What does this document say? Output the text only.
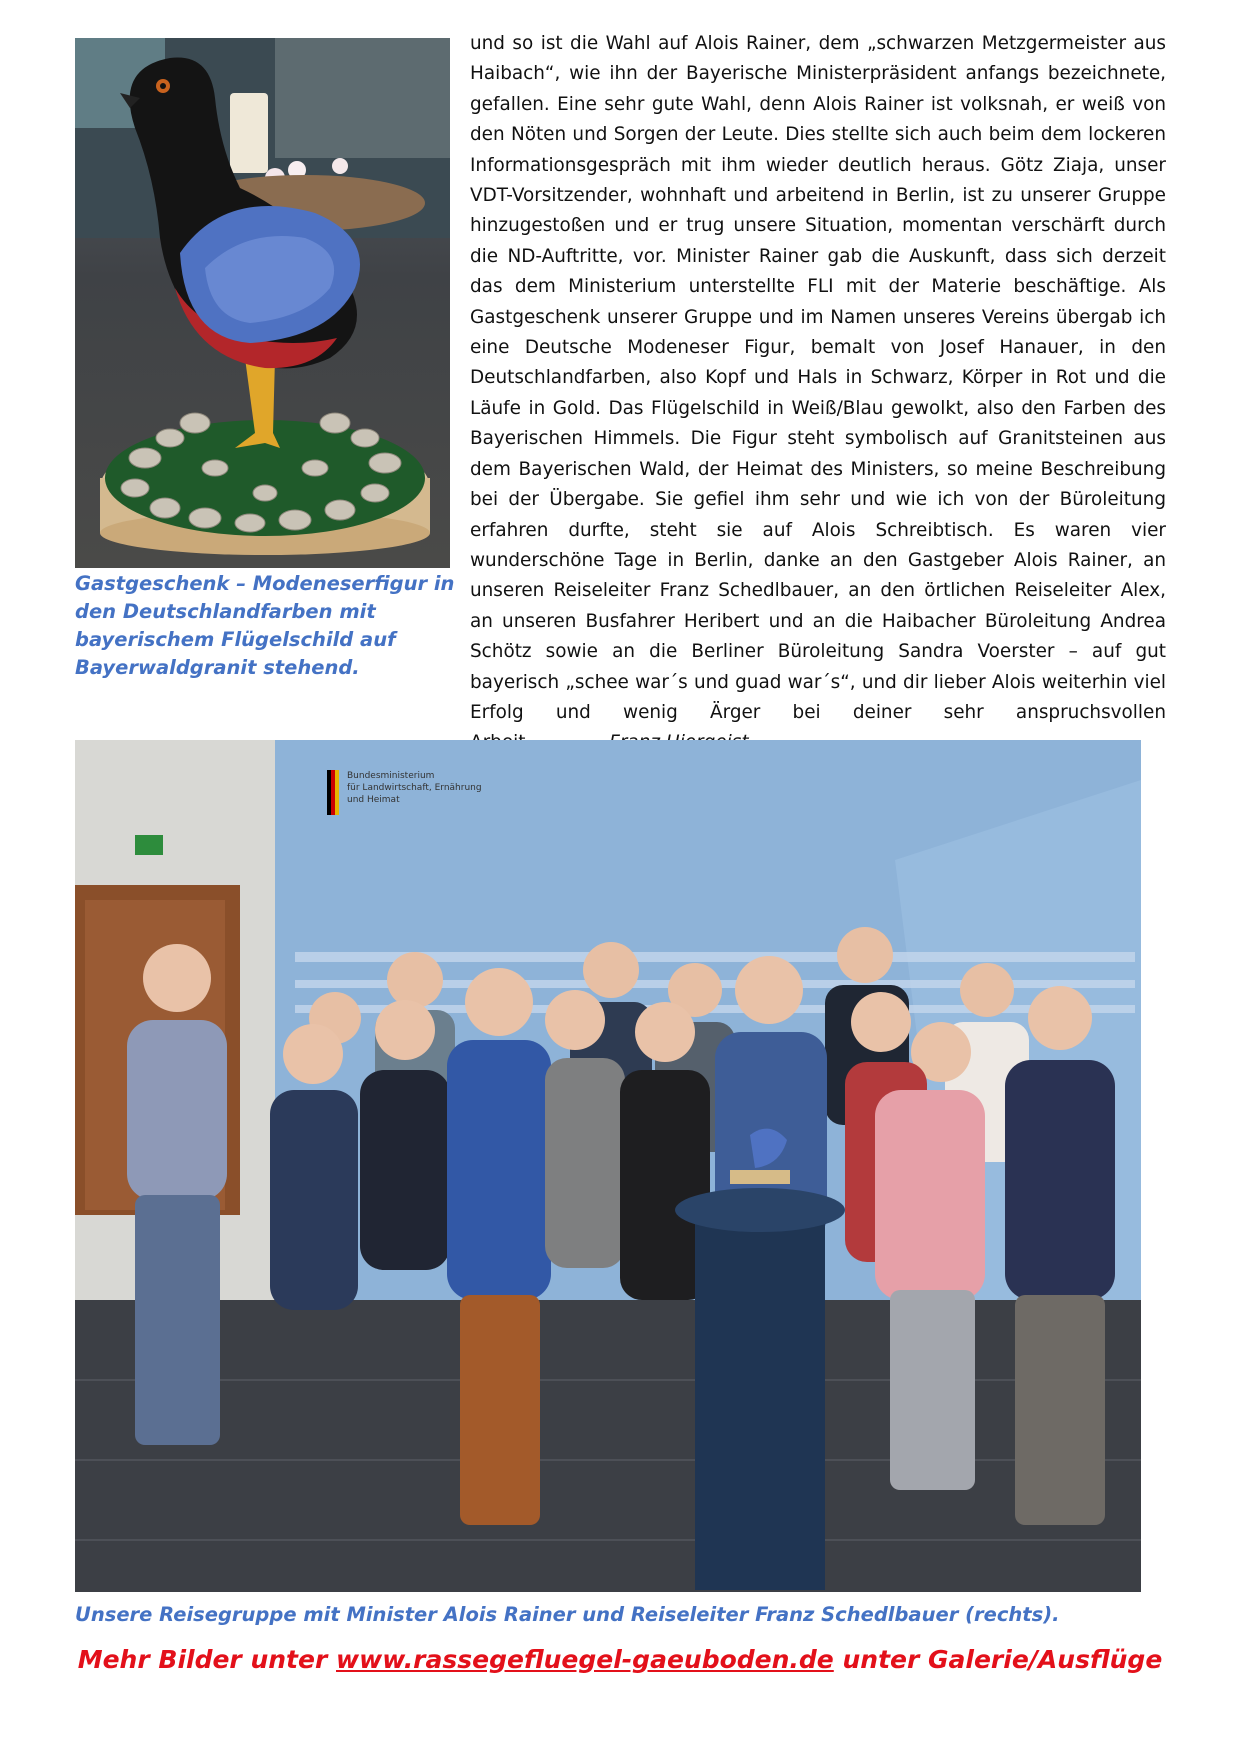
Gastgeschenk – Modeneserfigur in den Deutschlandfarben mit bayerischem Flügelschild auf Bayerwaldgranit stehend.
und so ist die Wahl auf Alois Rainer, dem „schwarzen Metzgermeister aus Haibach“, wie ihn der Bayerische Ministerpräsident anfangs bezeichnete, gefallen. Eine sehr gute Wahl, denn Alois Rainer ist volksnah, er weiß von den Nöten und Sorgen der Leute. Dies stellte sich auch beim dem lockeren Informationsgespräch mit ihm wieder deutlich heraus. Götz Ziaja, unser VDT-Vorsitzender, wohnhaft und arbeitend in Berlin, ist zu unserer Gruppe hinzugestoßen und er trug unsere Situation, momentan verschärft durch die ND-Auftritte, vor. Minister Rainer gab die Auskunft, dass sich derzeit das dem Ministerium unterstellte FLI mit der Materie beschäftige. Als Gastgeschenk unserer Gruppe und im Namen unseres Vereins übergab ich eine Deutsche Modeneser Figur, bemalt von Josef Hanauer, in den Deutschlandfarben, also Kopf und Hals in Schwarz, Körper in Rot und die Läufe in Gold. Das Flügelschild in Weiß/Blau gewolkt, also den Farben des Bayerischen Himmels. Die Figur steht symbolisch auf Granitsteinen aus dem Bayerischen Wald, der Heimat des Ministers, so meine Beschreibung bei der Übergabe. Sie gefiel ihm sehr und wie ich von der Büroleitung erfahren durfte, steht sie auf Alois Schreibtisch. Es waren vier wunderschöne Tage in Berlin, danke an den Gastgeber Alois Rainer, an unseren Reiseleiter Franz Schedlbauer, an den örtlichen Reiseleiter Alex, an unseren Busfahrer Heribert und an die Haibacher Büroleitung Andrea Schötz sowie an die Berliner Büroleitung Sandra Voerster – auf gut bayerisch „schee war´s und guad war´s“, und dir lieber Alois weiterhin viel Erfolg und wenig Ärger bei deiner sehr anspruchsvollen
Bundesministerium
für Landwirtschaft, Ernährung
und Heimat
Unsere Reisegruppe mit Minister Alois Rainer und Reiseleiter Franz Schedlbauer (rechts).
Mehr Bilder unter www.rassegefluegel-gaeuboden.de unter Galerie/Ausflüge
